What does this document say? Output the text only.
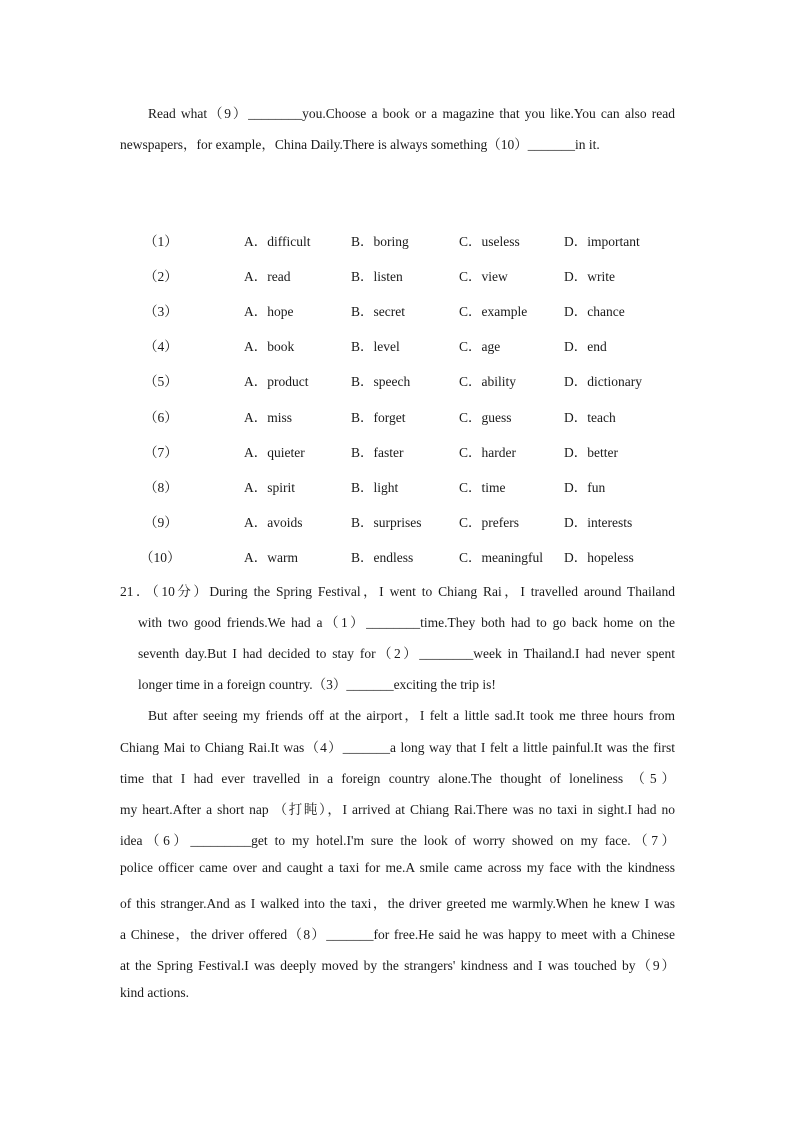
Read what（9）________you.Choose a book or a magazine that you like.You can also read

newspapers，for example，China Daily.There is always something（10）_______in it.

（1）	A．difficult	B．boring	C．useless	D．important
（2）	A．read	B．listen	C．view	D．write
（3）	A．hope	B．secret	C．example	D．chance
（4）	A．book	B．level	C．age	D．end
（5）	A．product	B．speech	C．ability	D．dictionary
（6）	A．miss	B．forget	C．guess	D．teach
（7）	A．quieter	B．faster	C．harder	D．better
（8）	A．spirit	B．light	C．time	D．fun
（9）	A．avoids	B．surprises	C．prefers	D．interests
（10）	A．warm	B．endless	C．meaningful D．hopeless

21．（10分）During the Spring Festival，I went to Chiang Rai，I travelled around Thailand

with two good friends.We had a（1）________time.They both had to go back home on the

seventh day.But I had decided to stay for（2）________week in Thailand.I had never spent

longer time in a foreign country.（3）_______exciting the trip is!

But after seeing my friends off at the airport，I felt a little sad.It took me three hours from

Chiang Mai to Chiang Rai.It was（4）_______a long way that I felt a little painful.It was the first

time that I had ever travelled in a foreign country alone.The thought of loneliness （5）

my heart.After a short nap （打盹），I arrived at Chiang Rai.There was no taxi in sight.I had no

idea（6）_________get to my hotel.I'm sure the look of worry showed on my face.（7）

police officer came over and caught a taxi for me.A smile came across my face with the kindness

of this stranger.And as I walked into the taxi，the driver greeted me warmly.When he knew I was

a Chinese，the driver offered（8）_______for free.He said he was happy to meet with a Chinese

at the Spring Festival.I was deeply moved by the strangers' kindness and I was touched by（9）

kind actions.
